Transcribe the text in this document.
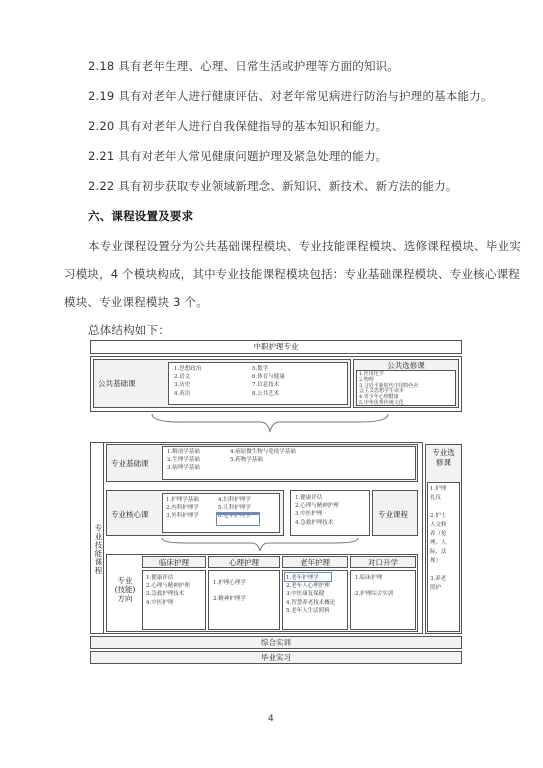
2.18 具有老年生理、心理、日常生活或护理等方面的知识。
2.19 具有对老年人进行健康评估、对老年常见病进行防治与护理的基本能力。
2.20 具有对老年人进行自我保健指导的基本知识和能力。
2.21 具有对老年人常见健康问题护理及紧急处理的能力。
2.22 具有初步获取专业领域新理念、新知识、新技术、新方法的能力。
六、课程设置及要求
本专业课程设置分为公共基础课程模块、专业技能课程模块、选修课程模块、毕业实
习模块，4 个模块构成，其中专业技能课程模块包括：专业基础课程模块、专业核心课程
模块、专业课程模块 3 个。
总体结构如下：
中职护理专业
公共基础课
1.思想政治
2.语文
3.历史
4.英语
5.数学
6.体育与健康
7.信息技术
8.公共艺术
公共选修课
1.医用化学
2.物理
3.习近平新时代中国特色社
会主义思想学生读本
4.青少年心理健康
5.中华优秀传统文化
专业技能课程
专业基础课
1.解剖学基础
2.生理学基础
3.病理学基础
4.病原微生物与免疫学基础
5.药物学基础
专业选修课
1.护理
礼仪

2.护士
人文修
养（伦
理、人
际、法
规）

3.养老
照护
专业核心课
1.护理学基础
2.内科护理学
3.外科护理学
4.妇科护理学
5.儿科护理学
6.老年护理学
1.健康评估
2.心理与精神护理
3.中医护理
4.急救护理技术
专业课程
专业
(技能)
方向
临床护理
1.健康评估
2.心理与精神护理
3.急救护理技术
4.中医护理
心理护理
1.护理心理学

2.精神护理学
老年护理
1.老年护理学
2.老年人心理护理
3.中医康复保健
4.智慧养老技术概论
5.老年人生活照料
对口升学
1.临床护理

2.护理综合实训
综合实训
毕业实习
4
